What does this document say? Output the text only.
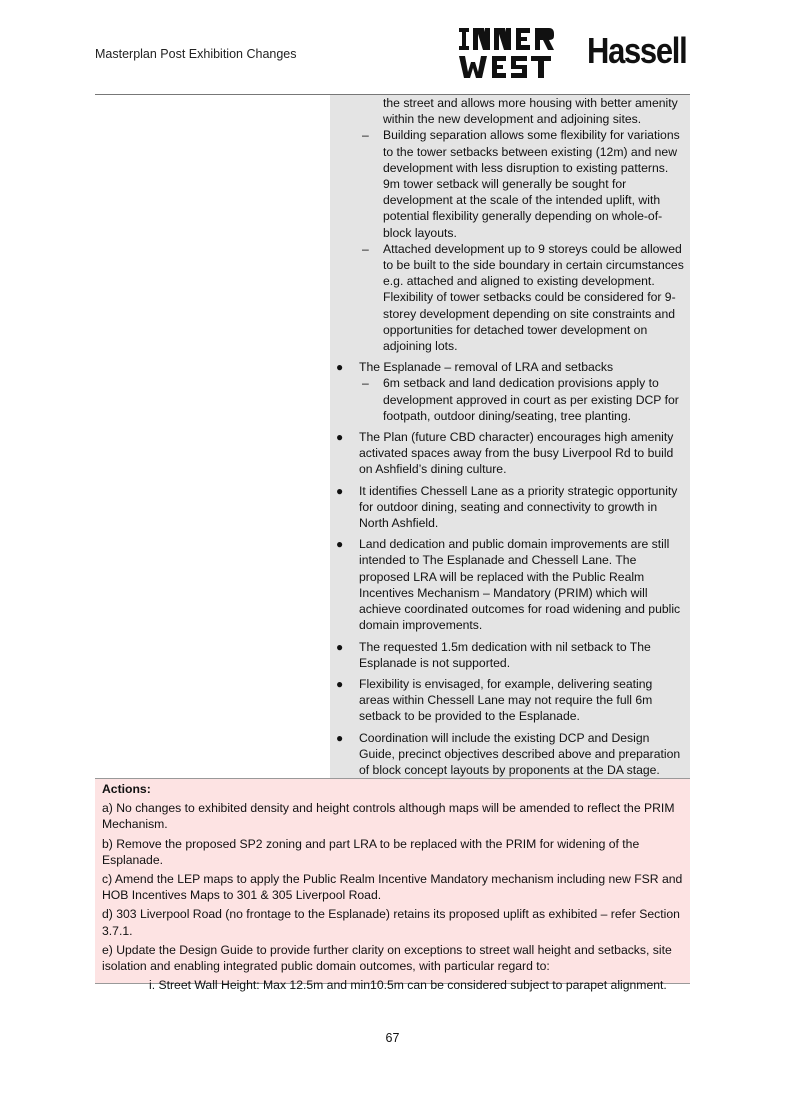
Masterplan Post Exhibition Changes	Hassell
the street and allows more housing with better amenity within the new development and adjoining sites.
– Building separation allows some flexibility for variations to the tower setbacks between existing (12m) and new development with less disruption to existing patterns. 9m tower setback will generally be sought for development at the scale of the intended uplift, with potential flexibility generally depending on whole-of-block layouts.
– Attached development up to 9 storeys could be allowed to be built to the side boundary in certain circumstances e.g. attached and aligned to existing development. Flexibility of tower setbacks could be considered for 9-storey development depending on site constraints and opportunities for detached tower development on adjoining lots.
● The Esplanade – removal of LRA and setbacks
– 6m setback and land dedication provisions apply to development approved in court as per existing DCP for footpath, outdoor dining/seating, tree planting.
● The Plan (future CBD character) encourages high amenity activated spaces away from the busy Liverpool Rd to build on Ashfield’s dining culture.
● It identifies Chessell Lane as a priority strategic opportunity for outdoor dining, seating and connectivity to growth in North Ashfield.
● Land dedication and public domain improvements are still intended to The Esplanade and Chessell Lane. The proposed LRA will be replaced with the Public Realm Incentives Mechanism – Mandatory (PRIM) which will achieve coordinated outcomes for road widening and public domain improvements.
● The requested 1.5m dedication with nil setback to The Esplanade is not supported.
● Flexibility is envisaged, for example, delivering seating areas within Chessell Lane may not require the full 6m setback to be provided to the Esplanade.
● Coordination will include the existing DCP and Design Guide, precinct objectives described above and preparation of block concept layouts by proponents at the DA stage.

Actions:

a) No changes to exhibited density and height controls although maps will be amended to reflect the PRIM Mechanism.

b) Remove the proposed SP2 zoning and part LRA to be replaced with the PRIM for widening of the Esplanade.

c) Amend the LEP maps to apply the Public Realm Incentive Mandatory mechanism including new FSR and HOB Incentives Maps to 301 & 305 Liverpool Road.

d) 303 Liverpool Road (no frontage to the Esplanade) retains its proposed uplift as exhibited – refer Section 3.7.1.

e) Update the Design Guide to provide further clarity on exceptions to street wall height and setbacks, site isolation and enabling integrated public domain outcomes, with particular regard to:

i. Street Wall Height: Max 12.5m and min10.5m can be considered subject to parapet alignment.

67
